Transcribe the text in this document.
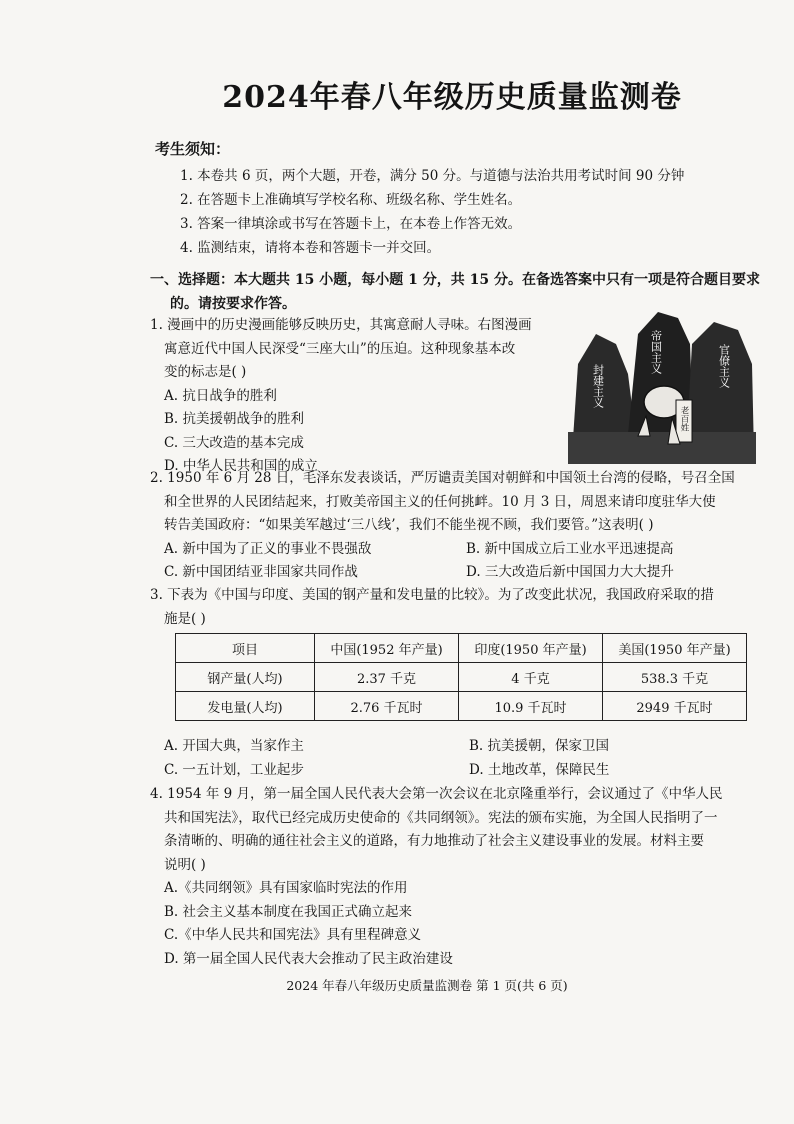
2024年春八年级历史质量监测卷
考生须知：
1. 本卷共 6 页，两个大题，开卷，满分 50 分。与道德与法治共用考试时间 90 分钟
2. 在答题卡上准确填写学校名称、班级名称、学生姓名。
3. 答案一律填涂或书写在答题卡上，在本卷上作答无效。
4. 监测结束，请将本卷和答题卡一并交回。
一、选择题：本大题共 15 小题，每小题 1 分，共 15 分。在备选答案中只有一项是符合题目要求
的。请按要求作答。
1. 漫画中的历史漫画能够反映历史，其寓意耐人寻味。右图漫画
寓意近代中国人民深受“三座大山”的压迫。这种现象基本改
变的标志是( )
A. 抗日战争的胜利
B. 抗美援朝战争的胜利
C. 三大改造的基本完成
D. 中华人民共和国的成立
封建主义
帝国主义	官僚主义
老百姓
2. 1950 年 6 月 28 日，毛泽东发表谈话，严厉谴责美国对朝鲜和中国领土台湾的侵略，号召全国
和全世界的人民团结起来，打败美帝国主义的任何挑衅。10 月 3 日，周恩来请印度驻华大使
转告美国政府：“如果美军越过‘三八线’，我们不能坐视不顾，我们要管。”这表明( )
A. 新中国为了正义的事业不畏强敌	B. 新中国成立后工业水平迅速提高
C. 新中国团结亚非国家共同作战	D. 三大改造后新中国国力大大提升
3. 下表为《中国与印度、美国的钢产量和发电量的比较》。为了改变此状况，我国政府采取的措
施是( )
项目	中国(1952 年产量)	印度(1950 年产量)	美国(1950 年产量)
钢产量(人均)	2.37 千克	4 千克	538.3 千克
发电量(人均)	2.76 千瓦时	10.9 千瓦时	2949 千瓦时
A. 开国大典，当家作主	B. 抗美援朝，保家卫国
C. 一五计划，工业起步	D. 土地改革，保障民生
4. 1954 年 9 月，第一届全国人民代表大会第一次会议在北京隆重举行，会议通过了《中华人民
共和国宪法》，取代已经完成历史使命的《共同纲领》。宪法的颁布实施，为全国人民指明了一
条清晰的、明确的通往社会主义的道路，有力地推动了社会主义建设事业的发展。材料主要
说明( )
A.《共同纲领》具有国家临时宪法的作用
B. 社会主义基本制度在我国正式确立起来
C.《中华人民共和国宪法》具有里程碑意义
D. 第一届全国人民代表大会推动了民主政治建设
2024 年春八年级历史质量监测卷 第 1 页(共 6 页)
